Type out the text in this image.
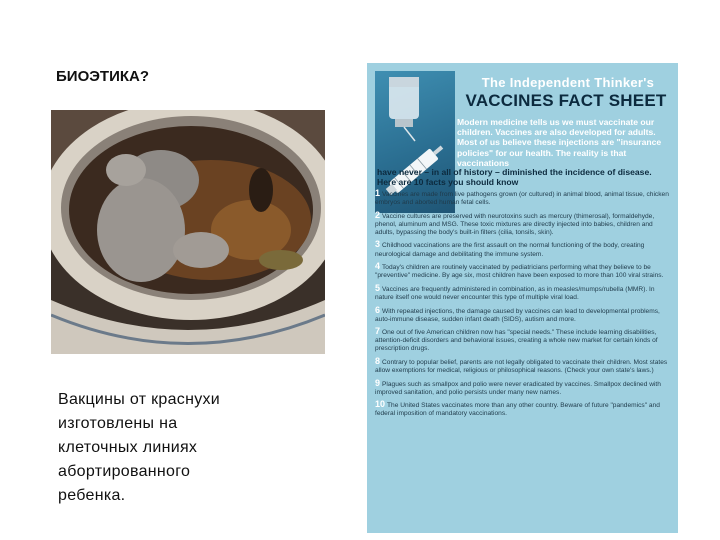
БИОЭТИКА?
Вакцины от краснухи
изготовлены на
клеточных линиях
абортированного
ребенка.
The Independent Thinker's
VACCINES FACT SHEET
Modern medicine tells us we must vaccinate our children. Vaccines are also developed for adults. Most of us believe these injections are "insurance policies" for our health. The reality is that vaccinations
have never – in all of history – diminished the incidence of disease. Here are 10 facts you should know
1 Vaccines are made from live pathogens grown (or cultured) in animal blood, animal tissue, chicken embryos and aborted human fetal cells.
2 Vaccine cultures are preserved with neurotoxins such as mercury (thimerosal), formaldehyde, phenol, aluminum and MSG. These toxic mixtures are directly injected into babies, children and adults, bypassing the body's built-in filters (cilia, tonsils, skin).
3 Childhood vaccinations are the first assault on the normal functioning of the body, creating neurological damage and debilitating the immune system.
4 Today's children are routinely vaccinated by pediatricians performing what they believe to be "preventive" medicine. By age six, most children have been exposed to more than 100 viral strains.
5 Vaccines are frequently administered in combination, as in measles/mumps/rubella (MMR). In nature itself one would never encounter this type of multiple viral load.
6 With repeated injections, the damage caused by vaccines can lead to developmental problems, auto-immune disease, sudden infant death (SIDS), autism and more.
7 One out of five American children now has "special needs." These include learning disabilities, attention-deficit disorders and behavioral issues, creating a whole new market for certain kinds of prescription drugs.
8 Contrary to popular belief, parents are not legally obligated to vaccinate their children. Most states allow exemptions for medical, religious or philosophical reasons. (Check your own state's laws.)
9 Plagues such as smallpox and polio were never eradicated by vaccines. Smallpox declined with improved sanitation, and polio persists under many new names.
10 The United States vaccinates more than any other country. Beware of future "pandemics" and federal imposition of mandatory vaccinations.
